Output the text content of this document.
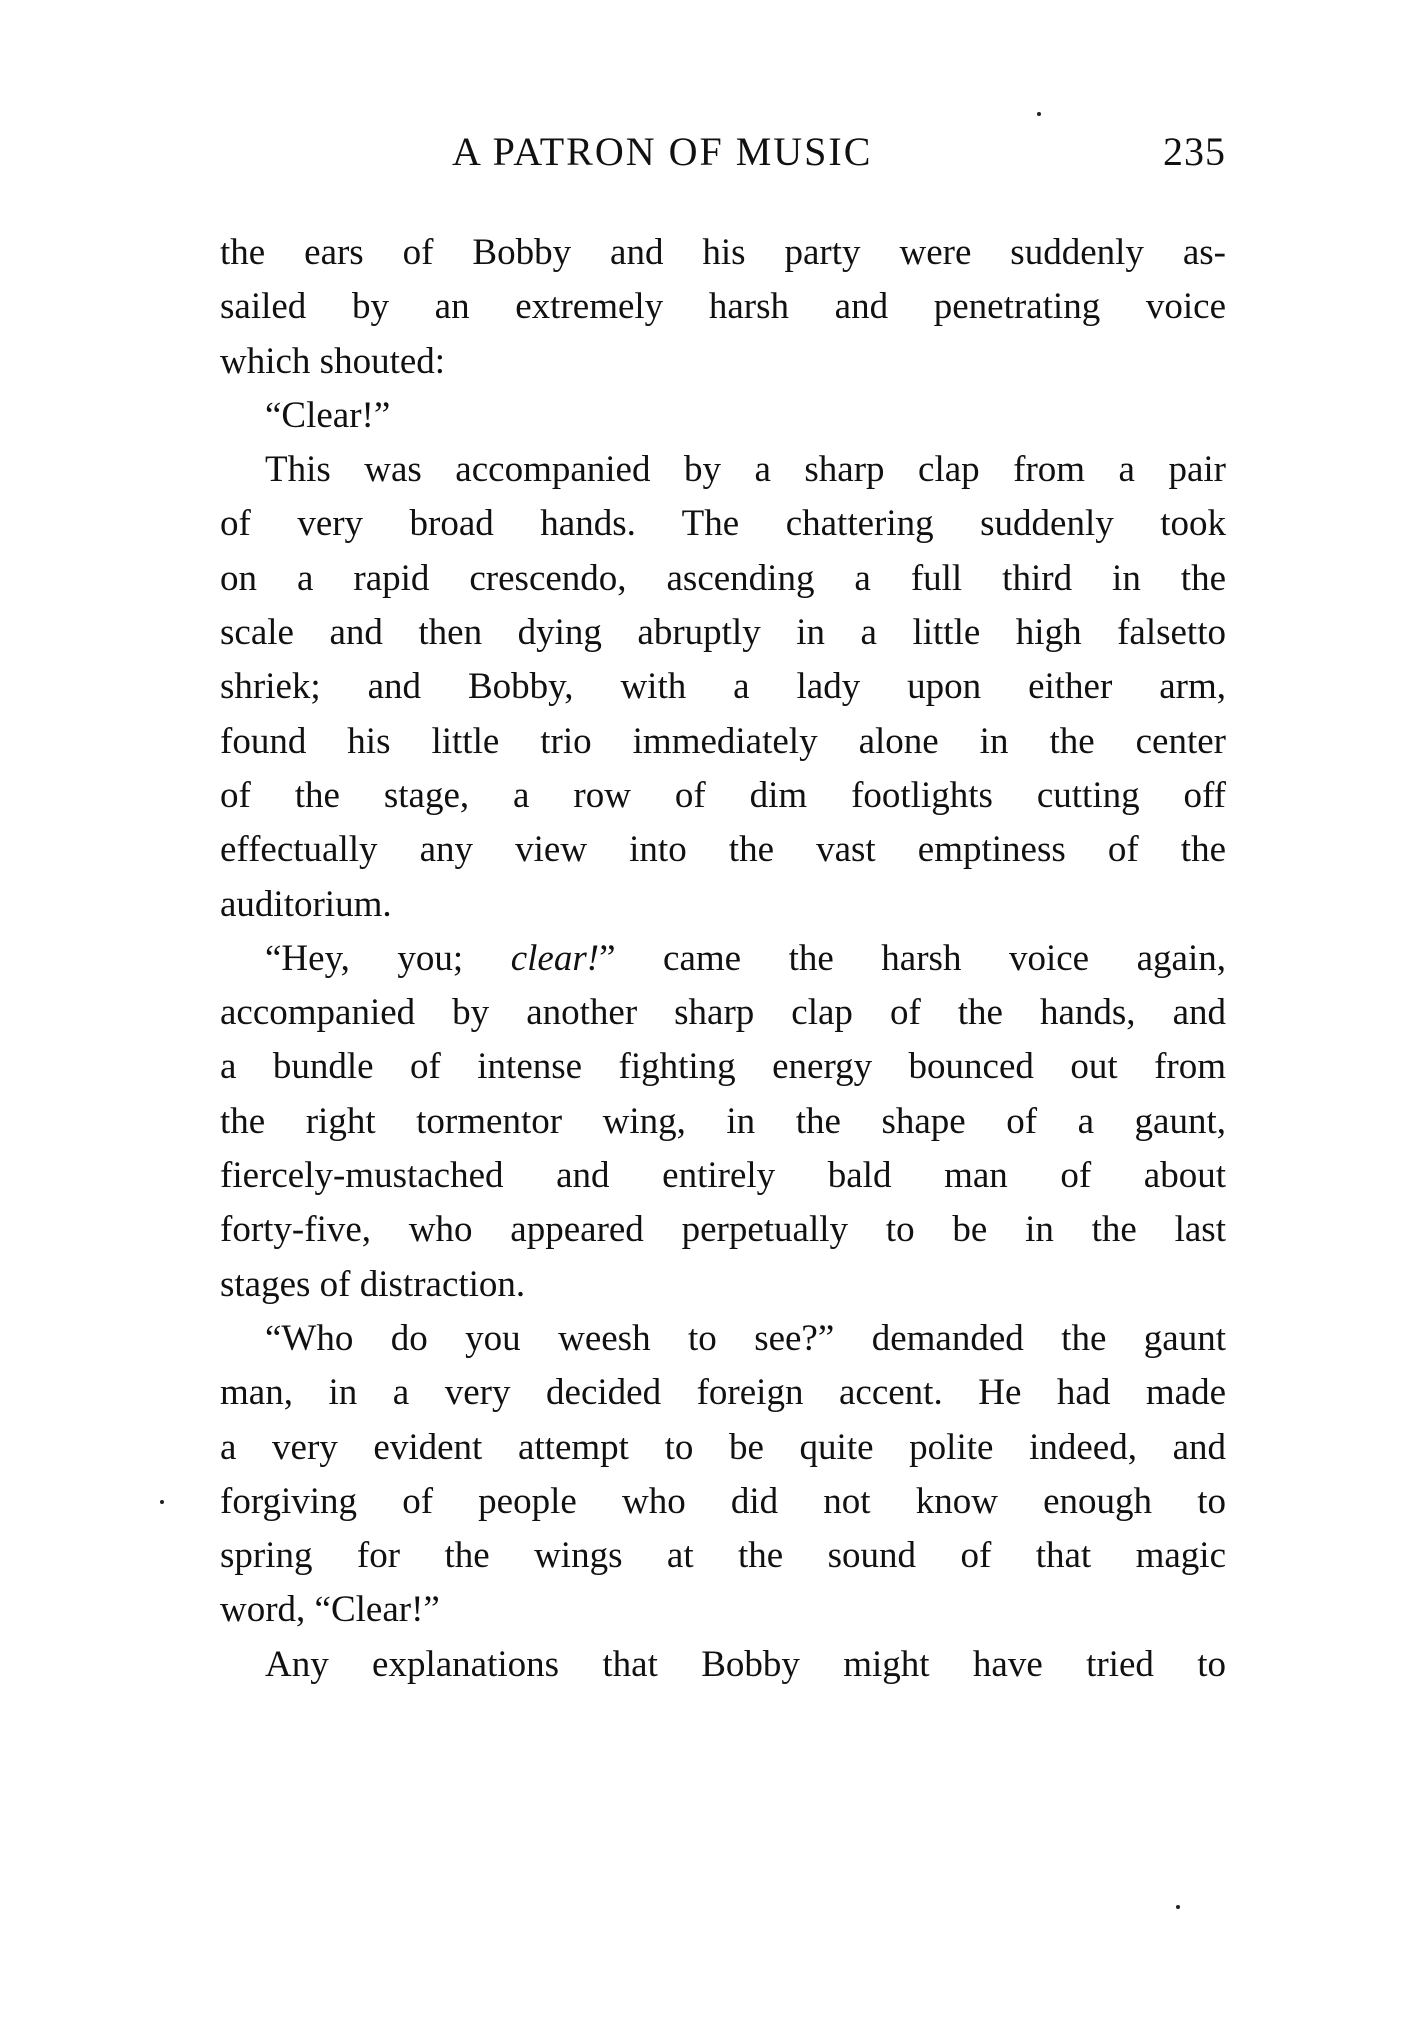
A PATRON OF MUSIC	235
the ears of Bobby and his party were suddenly as-
sailed by an extremely harsh and penetrating voice
which shouted:
“Clear!”
This was accompanied by a sharp clap from a pair
of very broad hands. The chattering suddenly took
on a rapid crescendo, ascending a full third in the
scale and then dying abruptly in a little high falsetto
shriek; and Bobby, with a lady upon either arm,
found his little trio immediately alone in the center
of the stage, a row of dim footlights cutting off
effectually any view into the vast emptiness of the
auditorium.
“Hey, you; clear!” came the harsh voice again,
accompanied by another sharp clap of the hands, and
a bundle of intense fighting energy bounced out from
the right tormentor wing, in the shape of a gaunt,
fiercely-mustached and entirely bald man of about
forty-five, who appeared perpetually to be in the last
stages of distraction.
“Who do you weesh to see?” demanded the gaunt
man, in a very decided foreign accent. He had made
a very evident attempt to be quite polite indeed, and
forgiving of people who did not know enough to
spring for the wings at the sound of that magic
word, “Clear!”
Any explanations that Bobby might have tried to
